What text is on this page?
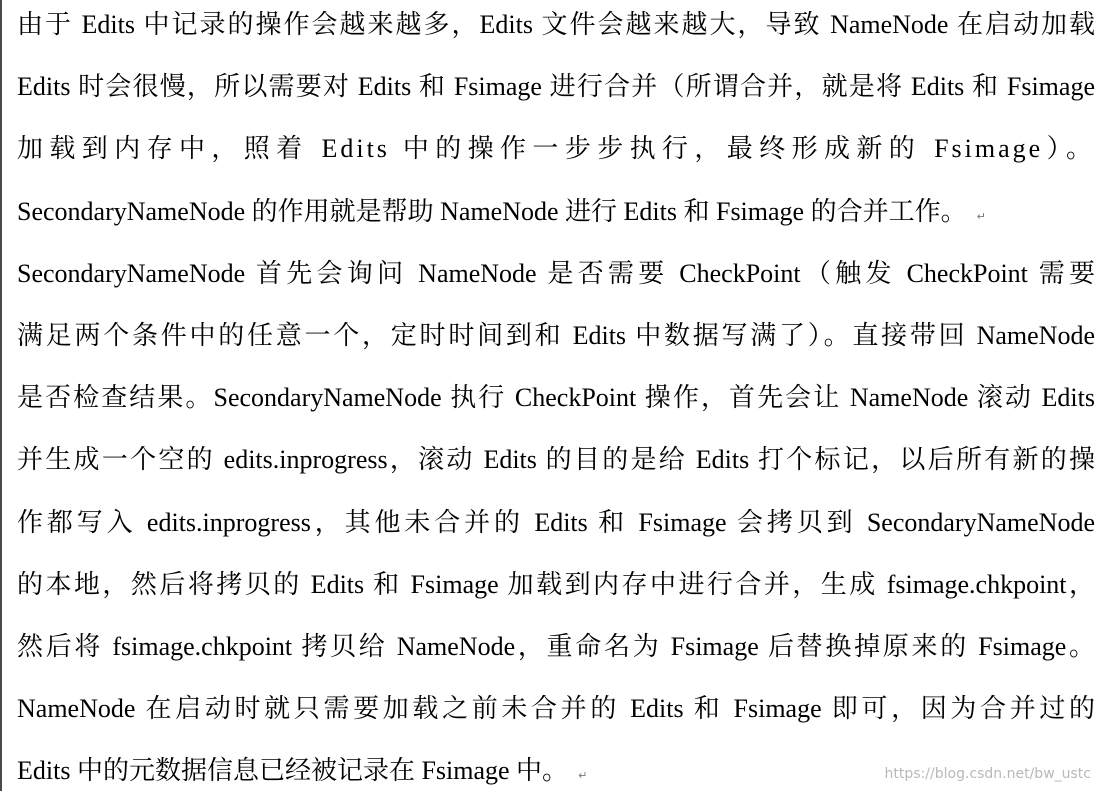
由于 Edits 中记录的操作会越来越多，Edits 文件会越来越大，导致 NameNode 在启动加载
Edits 时会很慢，所以需要对 Edits 和 Fsimage 进行合并（所谓合并，就是将 Edits 和 Fsimage
加载到内存中，照着 Edits 中的操作一步步执行，最终形成新的 Fsimage）。
SecondaryNameNode 的作用就是帮助 NameNode 进行 Edits 和 Fsimage 的合并工作。 ↵
SecondaryNameNode 首先会询问 NameNode 是否需要 CheckPoint（触发 CheckPoint 需要
满足两个条件中的任意一个，定时时间到和 Edits 中数据写满了）。直接带回 NameNode
是否检查结果。SecondaryNameNode 执行 CheckPoint 操作，首先会让 NameNode 滚动 Edits
并生成一个空的 edits.inprogress，滚动 Edits 的目的是给 Edits 打个标记，以后所有新的操
作都写入 edits.inprogress，其他未合并的 Edits 和 Fsimage 会拷贝到 SecondaryNameNode
的本地，然后将拷贝的 Edits 和 Fsimage 加载到内存中进行合并，生成 fsimage.chkpoint，
然后将 fsimage.chkpoint 拷贝给 NameNode，重命名为 Fsimage 后替换掉原来的 Fsimage。
NameNode 在启动时就只需要加载之前未合并的 Edits 和 Fsimage 即可，因为合并过的
Edits 中的元数据信息已经被记录在 Fsimage 中。 ↵	https://blog.csdn.net/bw_ustc
